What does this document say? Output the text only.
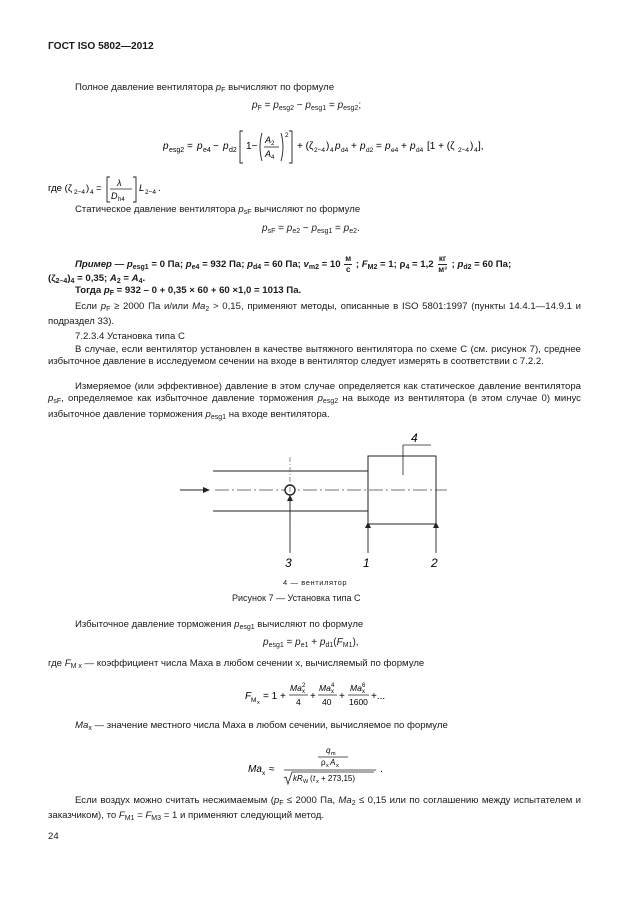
ГОСТ ISO 5802—2012
Полное давление вентилятора $p_F$ вычисляют по формуле
$p_F = p_{esg2} - p_{esg1} = p_{esg2}$;
p esg2 = p e4 − p d2 1−
A 2
A 4
2
+ (ζ 2−4 ) 4 p d4 + p d2 = p e4 + p d4 [1 + (ζ 2−4 ) 4 ],
где (ζ 2−4 ) 4 = λ
D h4
L 2−4 .
Статическое давление вентилятора $p_{sF}$ вычисляют по формуле
$p_{sF} = p_{e2} - p_{esg1} = p_{e2}$.
Пример — $p_{esg1} = 0$ Па; $p_{e4} = 932$ Па; $p_{d4} = 60$ Па; $v_{m2} = 10 \frac{м}{с}$ ; $F_{M2} = 1$; $\rho_4 = 1,2 \frac{кг}{\text{м³}}$ ; $p_{d2} = 60$ Па;
$(\zeta_{2-4})_4 = 0,35$; $A_2 = A_4$.
Тогда $p_F = 932 - 0 + 0,35 \times 60 + 60 \times 1,0 = 1013$ Па.
Если $p_F \ge 2000$ Па и/или $Ma_2 > 0,15$, применяют методы, описанные в ISO 5801:1997 (пункты 14.4.1—14.9.1 и подраздел 33).
7.2.3.4 Установка типа С
В случае, если вентилятор установлен в качестве вытяжного вентилятора по схеме С (см. рисунок 7), среднее избыточное давление в исследуемом сечении на входе в вентилятор следует измерять в соответствии с 7.2.2.
Измеряемое (или эффективное) давление в этом случае определяется как статическое давление вентилятора $p_{sF}$, определяемое как избыточное давление торможения $p_{esg2}$ на выходе из вентилятора (в этом случае 0) минус избыточное давление торможения $p_{esg1}$ на входе вентилятора.
4
3	1	2
4 — вентилятор
Рисунок 7 — Установка типа С
Избыточное давление торможения $p_{esg1}$ вычисляют по формуле
$p_{esg1} = p_{e1} + p_{d1}(F_{M1})$,
где $F_{M x}$ — коэффициент числа Маха в любом сечении x, вычисляемый по формуле
F M x
= 1 +
Ma 2
x
4 +
Ma 4
x
40 +
Ma 6
x
1600 +...
$Ma_x$ — значение местного числа Маха в любом сечении, вычисляемое по формуле
Ma x ≈
q m
ρ x A x
kR W ( t x + 273,15)
.
Если воздух можно считать несжимаемым ($p_F \le 2000$ Па, $Ma_2 \le 0,15$ или по соглашению между испытателем и заказчиком), то $F_{M1} = F_{M3} = 1$ и применяют следующий метод.
24
